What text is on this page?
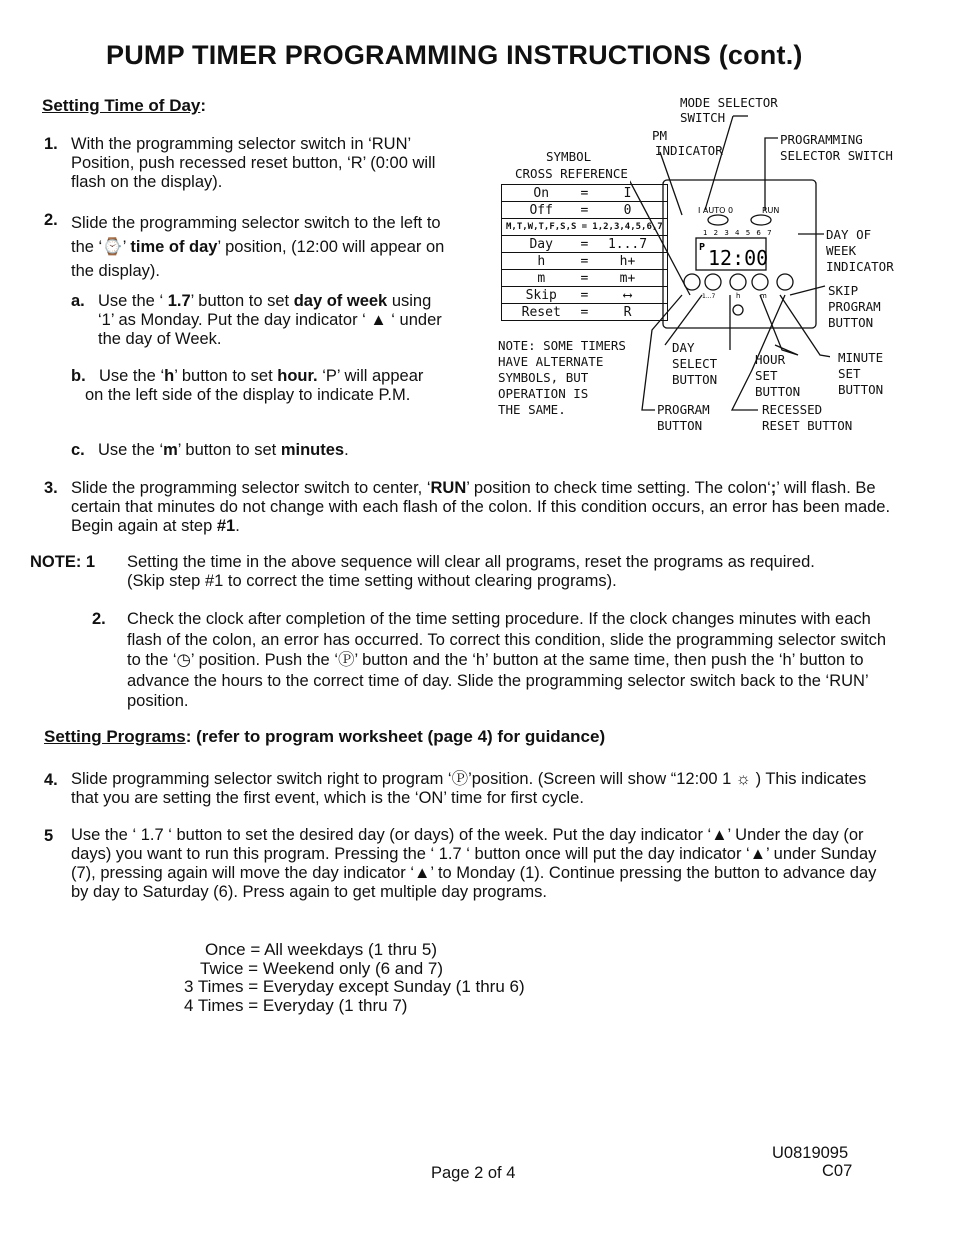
PUMP TIMER PROGRAMMING INSTRUCTIONS (cont.)
Setting Time of Day:
1. With the programming selector switch in ‘RUN’ Position, push recessed reset button, ‘R’ (0:00 will flash on the display).
2. Slide the programming selector switch to the left to the ‘⌚’ time of day’ position, (12:00 will appear on the display).
a. Use the ‘ 1.7’ button to set day of week using ‘1’ as Monday. Put the day indicator ‘ ▲ ‘ under the day of Week.
b. Use the ‘h’ button to set hour. ‘P’ will appear on the left side of the display to indicate P.M.
c. Use the ‘m’ button to set minutes.
3. Slide the programming selector switch to center, ‘RUN’ position to check time setting. The colon‘;’ will flash. Be certain that minutes do not change with each flash of the colon. If this condition occurs, an error has been made. Begin again at step #1.
NOTE: 1 Setting the time in the above sequence will clear all programs, reset the programs as required. (Skip step #1 to correct the time setting without clearing programs).
2. Check the clock after completion of the time setting procedure. If the clock changes minutes with each flash of the colon, an error has occurred. To correct this condition, slide the programming selector switch to the ‘◷’ position. Push the ‘Ⓟ’ button and the ‘h’ button at the same time, then push the ‘h’ button to advance the hours to the correct time of day. Slide the programming selector switch back to the ‘RUN’ position.
Setting Programs: (refer to program worksheet (page 4) for guidance)
4. Slide programming selector switch right to program ‘Ⓟ’position. (Screen will show “12:00 1 ☼ ) This indicates that you are setting the first event, which is the ‘ON’ time for first cycle.
5 Use the ‘ 1.7 ‘ button to set the desired day (or days) of the week. Put the day indicator ‘▲’ Under the day (or days) you want to run this program. Pressing the ‘ 1.7 ‘ button once will put the day indicator ‘▲’ under Sunday (7), pressing again will move the day indicator ‘▲’ to Monday (1). Continue pressing the button to advance day by day to Saturday (6). Press again to get multiple day programs.
Once = All weekdays (1 thru 5)
Twice = Weekend only (6 and 7)
3 Times = Everyday except Sunday (1 thru 6)
4 Times = Everyday (1 thru 7)
Page 2 of 4
U0819095
C07
SYMBOL
CROSS REFERENCE
On	=	I
Off	=	0
M,T,W,T,F,S,S	=	1,2,3,4,5,6,7
Day	=	1...7
h	=	h+
m	=	m+
Skip	=	⟷
Reset	=	R
NOTE: SOME TIMERS
HAVE ALTERNATE
SYMBOLS, BUT
OPERATION IS
THE SAME.
MODE SELECTOR
SWITCH
PM
INDICATOR
PROGRAMMING
SELECTOR SWITCH
DAY OF
WEEK
INDICATOR
SKIP
PROGRAM
BUTTON
DAY
SELECT
BUTTON
HOUR
SET
BUTTON
MINUTE
SET
BUTTON
PROGRAM
BUTTON
RECESSED
RESET BUTTON
I AUTO 0	RUN
1 2 3 4 5 6 7
P 12:00
1...7	h	m
